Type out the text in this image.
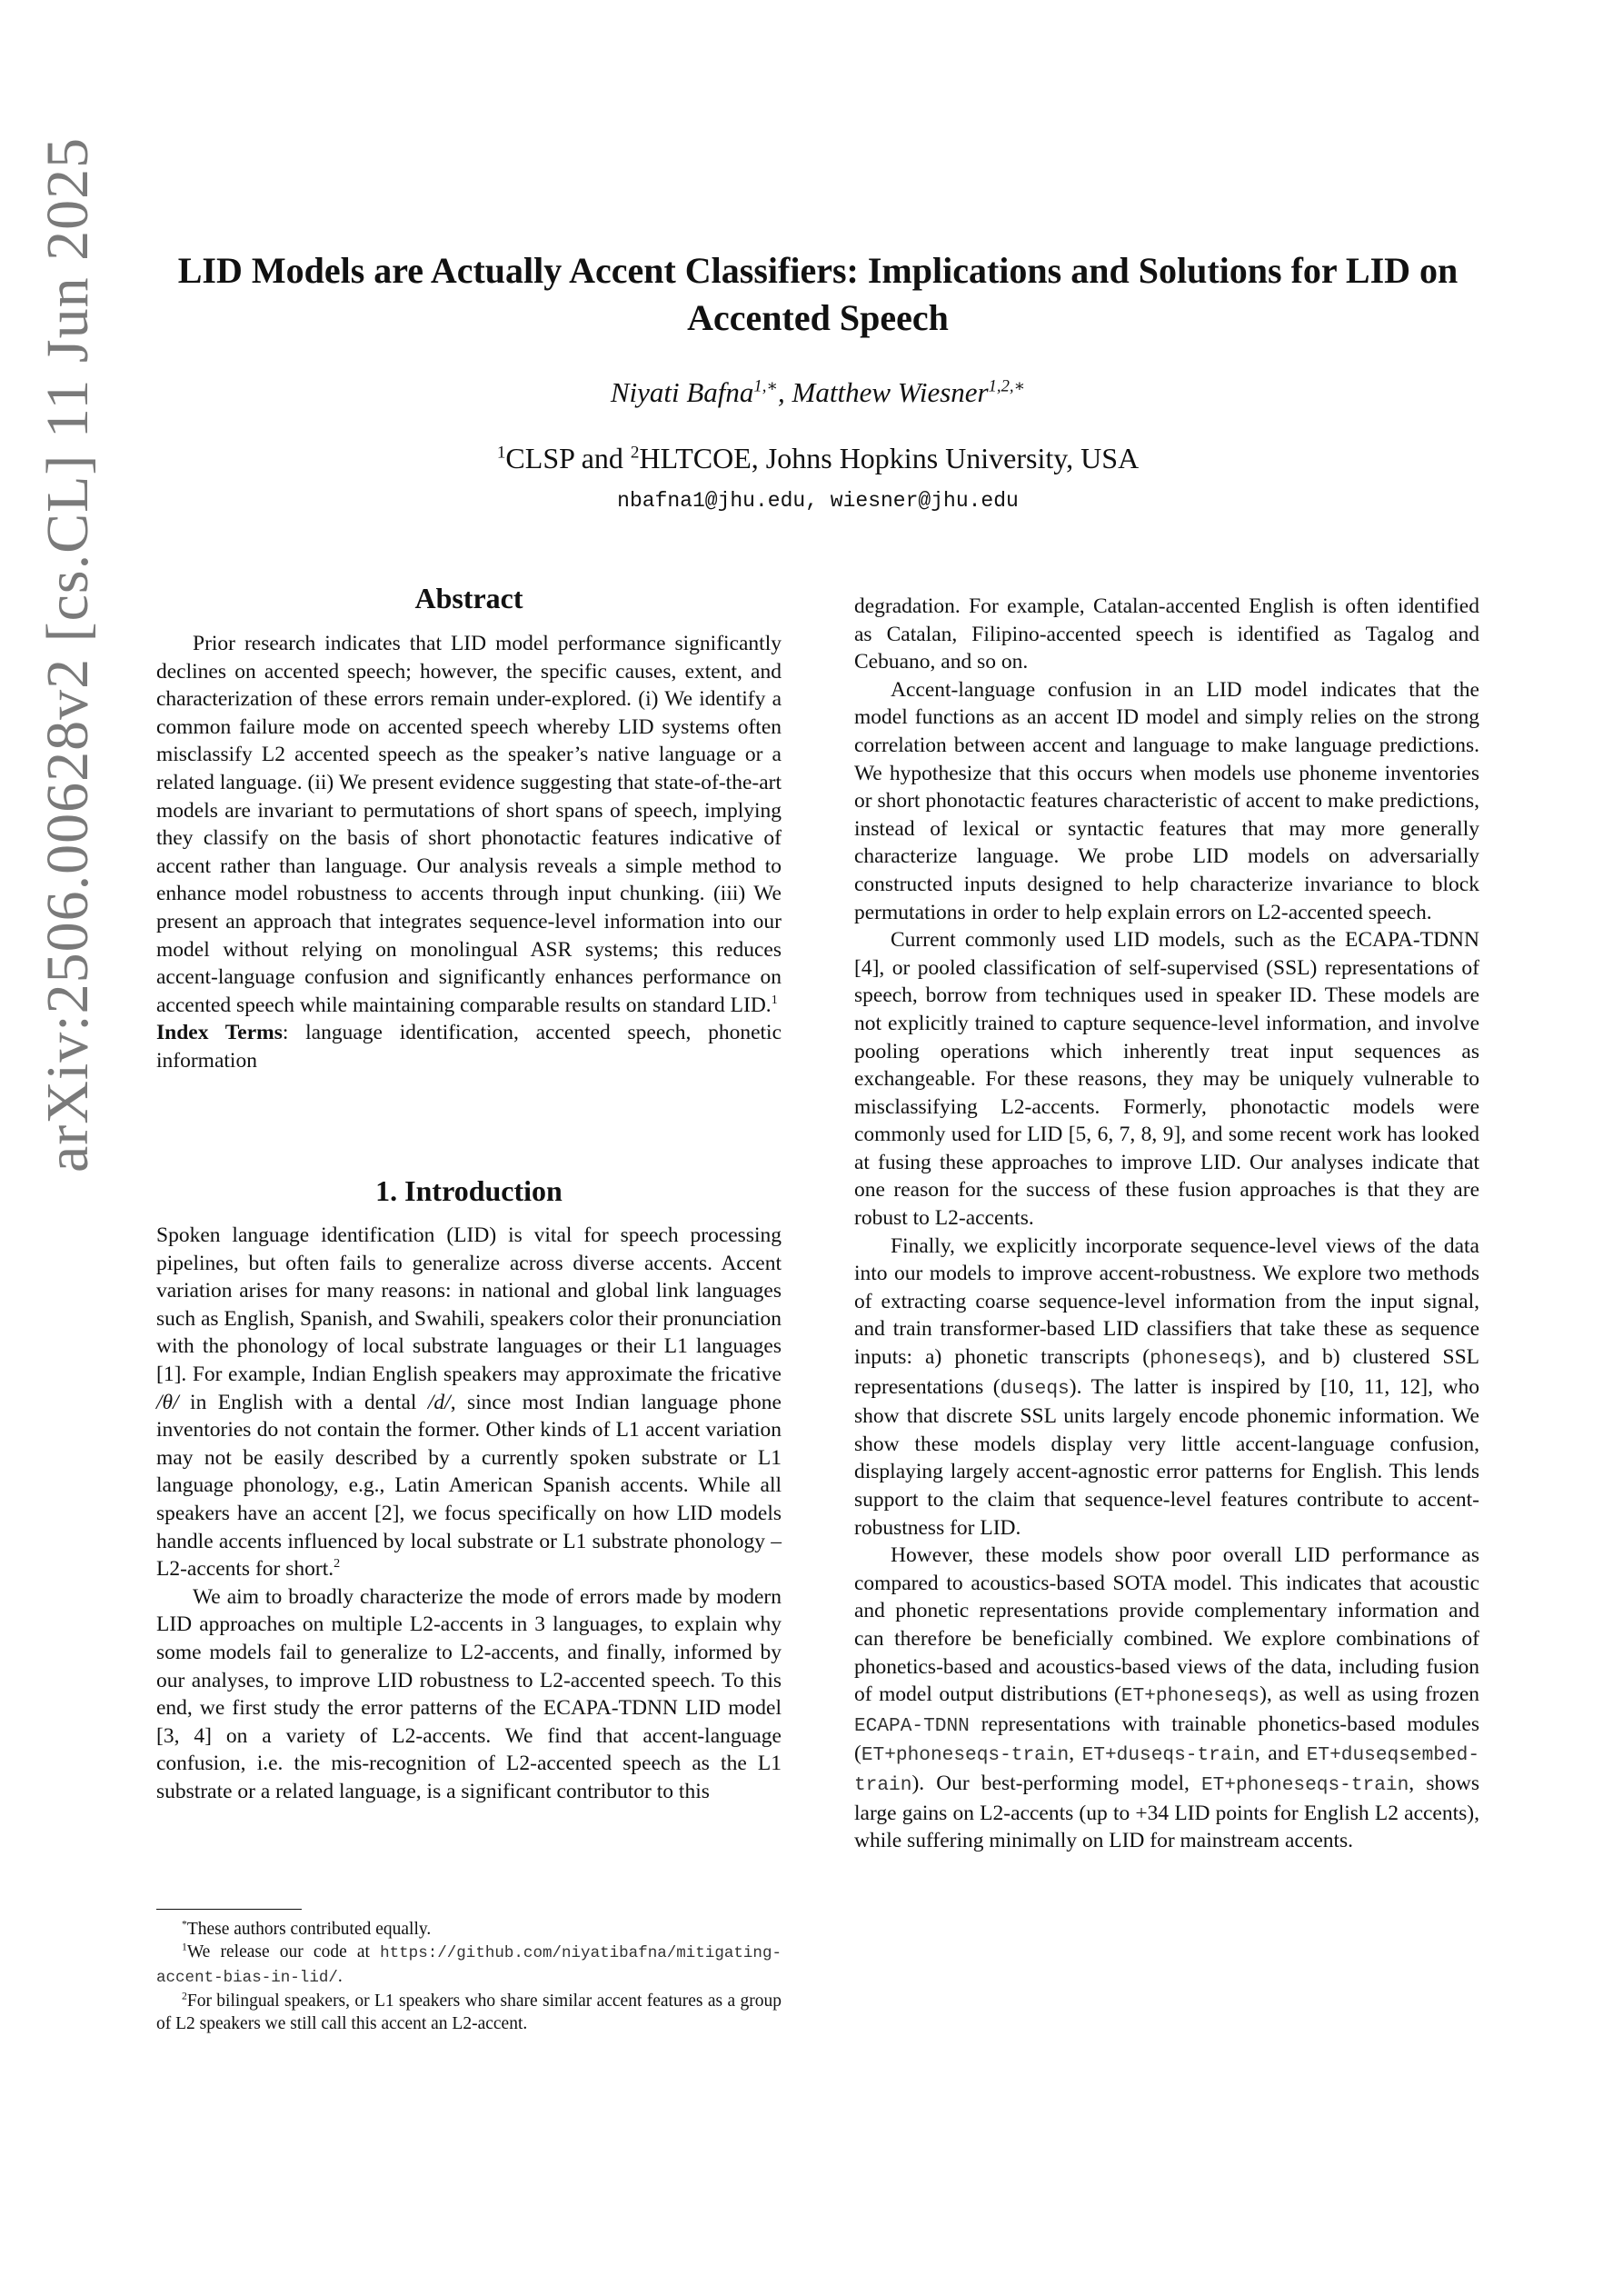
arXiv:2506.00628v2 [cs.CL] 11 Jun 2025	LID Models are Actually Accent Classifiers: Implications and Solutions for LID on Accented Speech
Niyati Bafna$^{1,∗}$, Matthew Wiesner$^{1,2,∗}$
$^1$CLSP and $^2$HLTCOE, Johns Hopkins University, USA
nbafna1@jhu.edu, wiesner@jhu.edu
Abstract

Prior research indicates that LID model performance significantly declines on accented speech; however, the specific causes, extent, and characterization of these errors remain under-explored. (i) We identify a common failure mode on accented speech whereby LID systems often misclassify L2 accented speech as the speaker’s native language or a related language. (ii) We present evidence suggesting that state-of-the-art models are invariant to permutations of short spans of speech, implying they classify on the basis of short phonotactic features indicative of accent rather than language. Our analysis reveals a simple method to enhance model robustness to accents through input chunking. (iii) We present an approach that integrates sequence-level information into our model without relying on monolingual ASR systems; this reduces accent-language confusion and significantly enhances performance on accented speech while maintaining comparable results on standard LID.$^1$

Index Terms: language identification, accented speech, phonetic information

1. Introduction

Spoken language identification (LID) is vital for speech processing pipelines, but often fails to generalize across diverse accents. Accent variation arises for many reasons: in national and global link languages such as English, Spanish, and Swahili, speakers color their pronunciation with the phonology of local substrate languages or their L1 languages [1]. For example, Indian English speakers may approximate the fricative /θ/ in English with a dental /d/, since most Indian language phone inventories do not contain the former. Other kinds of L1 accent variation may not be easily described by a currently spoken substrate or L1 language phonology, e.g., Latin American Spanish accents. While all speakers have an accent [2], we focus specifically on how LID models handle accents influenced by local substrate or L1 substrate phonology – L2-accents for short.$^2$

We aim to broadly characterize the mode of errors made by modern LID approaches on multiple L2-accents in 3 languages, to explain why some models fail to generalize to L2-accents, and finally, informed by our analyses, to improve LID robustness to L2-accented speech. To this end, we first study the error patterns of the ECAPA-TDNN LID model [3, 4] on a variety of L2-accents. We find that accent-language confusion, i.e. the mis-recognition of L2-accented speech as the L1 substrate or a related language, is a significant contributor to this

*These authors contributed equally.

$^1$We release our code at https://github.com/niyatibafna/mitigating-accent-bias-in-lid/.

$^2$For bilingual speakers, or L1 speakers who share similar accent features as a group of L2 speakers we still call this accent an L2-accent.

degradation. For example, Catalan-accented English is often identified as Catalan, Filipino-accented speech is identified as Tagalog and Cebuano, and so on.

Accent-language confusion in an LID model indicates that the model functions as an accent ID model and simply relies on the strong correlation between accent and language to make language predictions. We hypothesize that this occurs when models use phoneme inventories or short phonotactic features characteristic of accent to make predictions, instead of lexical or syntactic features that may more generally characterize language. We probe LID models on adversarially constructed inputs designed to help characterize invariance to block permutations in order to help explain errors on L2-accented speech.

Current commonly used LID models, such as the ECAPA-TDNN [4], or pooled classification of self-supervised (SSL) representations of speech, borrow from techniques used in speaker ID. These models are not explicitly trained to capture sequence-level information, and involve pooling operations which inherently treat input sequences as exchangeable. For these reasons, they may be uniquely vulnerable to misclassifying L2-accents. Formerly, phonotactic models were commonly used for LID [5, 6, 7, 8, 9], and some recent work has looked at fusing these approaches to improve LID. Our analyses indicate that one reason for the success of these fusion approaches is that they are robust to L2-accents.

Finally, we explicitly incorporate sequence-level views of the data into our models to improve accent-robustness. We explore two methods of extracting coarse sequence-level information from the input signal, and train transformer-based LID classifiers that take these as sequence inputs: a) phonetic transcripts (phoneseqs), and b) clustered SSL representations (duseqs). The latter is inspired by [10, 11, 12], who show that discrete SSL units largely encode phonemic information. We show these models display very little accent-language confusion, displaying largely accent-agnostic error patterns for English. This lends support to the claim that sequence-level features contribute to accent-robustness for LID.

However, these models show poor overall LID performance as compared to acoustics-based SOTA model. This indicates that acoustic and phonetic representations provide complementary information and can therefore be beneficially combined. We explore combinations of phonetics-based and acoustics-based views of the data, including fusion of model output distributions (ET+phoneseqs), as well as using frozen ECAPA-TDNN representations with trainable phonetics-based modules (ET+phoneseqs-train, ET+duseqs-train, and ET+duseqsembed-train). Our best-performing model, ET+phoneseqs-train, shows large gains on L2-accents (up to +34 LID points for English L2 accents), while suffering minimally on LID for mainstream accents.
